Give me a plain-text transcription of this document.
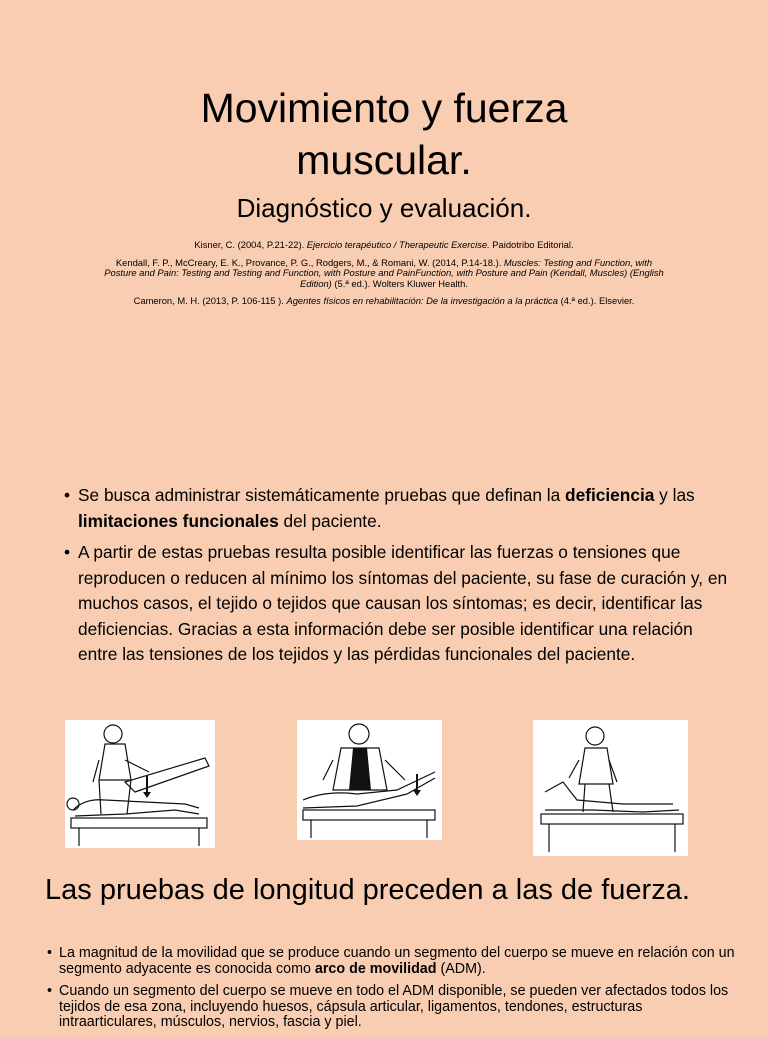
Movimiento y fuerza
muscular.
Diagnóstico y evaluación.

Kisner, C. (2004, P.21-22). Ejercicio terapéutico / Therapeutic Exercise. Paidotribo Editorial.

Kendall, F. P., McCreary, E. K., Provance, P. G., Rodgers, M., & Romani, W. (2014, P.14-18.). Muscles: Testing and Function, with Posture and Pain: Testing and Testing and Function, with Posture and PainFunction, with Posture and Pain (Kendall, Muscles) (English Edition) (5.ª ed.). Wolters Kluwer Health.

Cameron, M. H. (2013, P. 106-115 ). Agentes físicos en rehabilitación: De la investigación a la práctica (4.ª ed.). Elsevier.

• Se busca administrar sistemáticamente pruebas que definan la deficiencia y las limitaciones funcionales del paciente.
• A partir de estas pruebas resulta posible identificar las fuerzas o tensiones que reproducen o reducen al mínimo los síntomas del paciente, su fase de curación y, en muchos casos, el tejido o tejidos que causan los síntomas; es decir, identificar las deficiencias. Gracias a esta información debe ser posible identificar una relación entre las tensiones de los tejidos y las pérdidas funcionales del paciente.
Las pruebas de longitud preceden a las de fuerza.
• La magnitud de la movilidad que se produce cuando un segmento del cuerpo se mueve en relación con un segmento adyacente es conocida como arco de movilidad (ADM).
• Cuando un segmento del cuerpo se mueve en todo el ADM disponible, se pueden ver afectados todos los tejidos de esa zona, incluyendo huesos, cápsula articular, ligamentos, tendones, estructuras intraarticulares, músculos, nervios, fascia y piel.
